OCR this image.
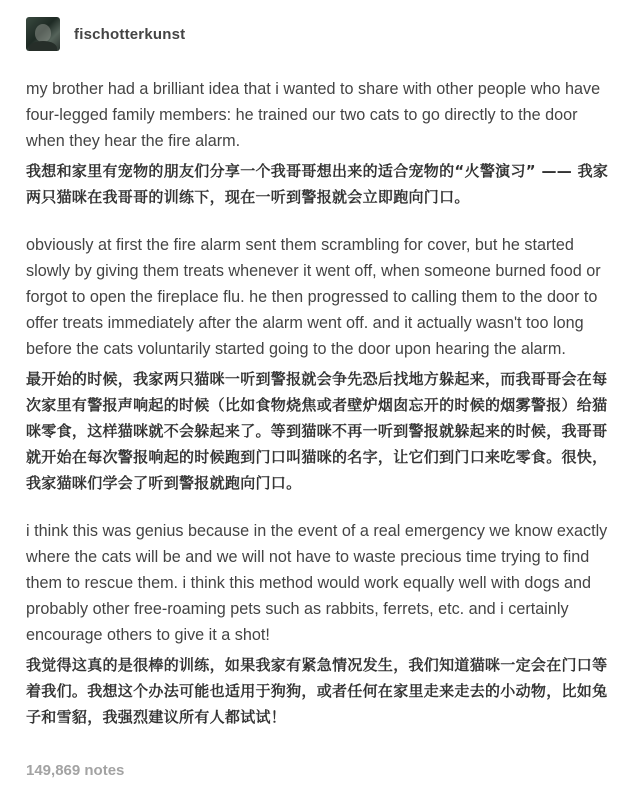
fischotterkunst

my brother had a brilliant idea that i wanted to share with other people who have four-legged family members: he trained our two cats to go directly to the door when they hear the fire alarm.

我想和家里有宠物的朋友们分享一个我哥哥想出来的适合宠物的“火警演习” —— 我家两只猫咪在我哥哥的训练下，现在一听到警报就会立即跑向门口。

obviously at first the fire alarm sent them scrambling for cover, but he started slowly by giving them treats whenever it went off, when someone burned food or forgot to open the fireplace flu. he then progressed to calling them to the door to offer treats immediately after the alarm went off. and it actually wasn't too long before the cats voluntarily started going to the door upon hearing the alarm.

最开始的时候，我家两只猫咪一听到警报就会争先恐后找地方躲起来，而我哥哥会在每次家里有警报声响起的时候（比如食物烧焦或者壁炉烟囱忘开的时候的烟雾警报）给猫咪零食，这样猫咪就不会躲起来了。等到猫咪不再一听到警报就躲起来的时候，我哥哥就开始在每次警报响起的时候跑到门口叫猫咪的名字，让它们到门口来吃零食。很快，我家猫咪们学会了听到警报就跑向门口。

i think this was genius because in the event of a real emergency we know exactly where the cats will be and we will not have to waste precious time trying to find them to rescue them. i think this method would work equally well with dogs and probably other free-roaming pets such as rabbits, ferrets, etc. and i certainly encourage others to give it a shot!

我觉得这真的是很棒的训练，如果我家有紧急情况发生，我们知道猫咪一定会在门口等着我们。我想这个办法可能也适用于狗狗，或者任何在家里走来走去的小动物，比如兔子和雪貂，我强烈建议所有人都试试！

149,869 notes
